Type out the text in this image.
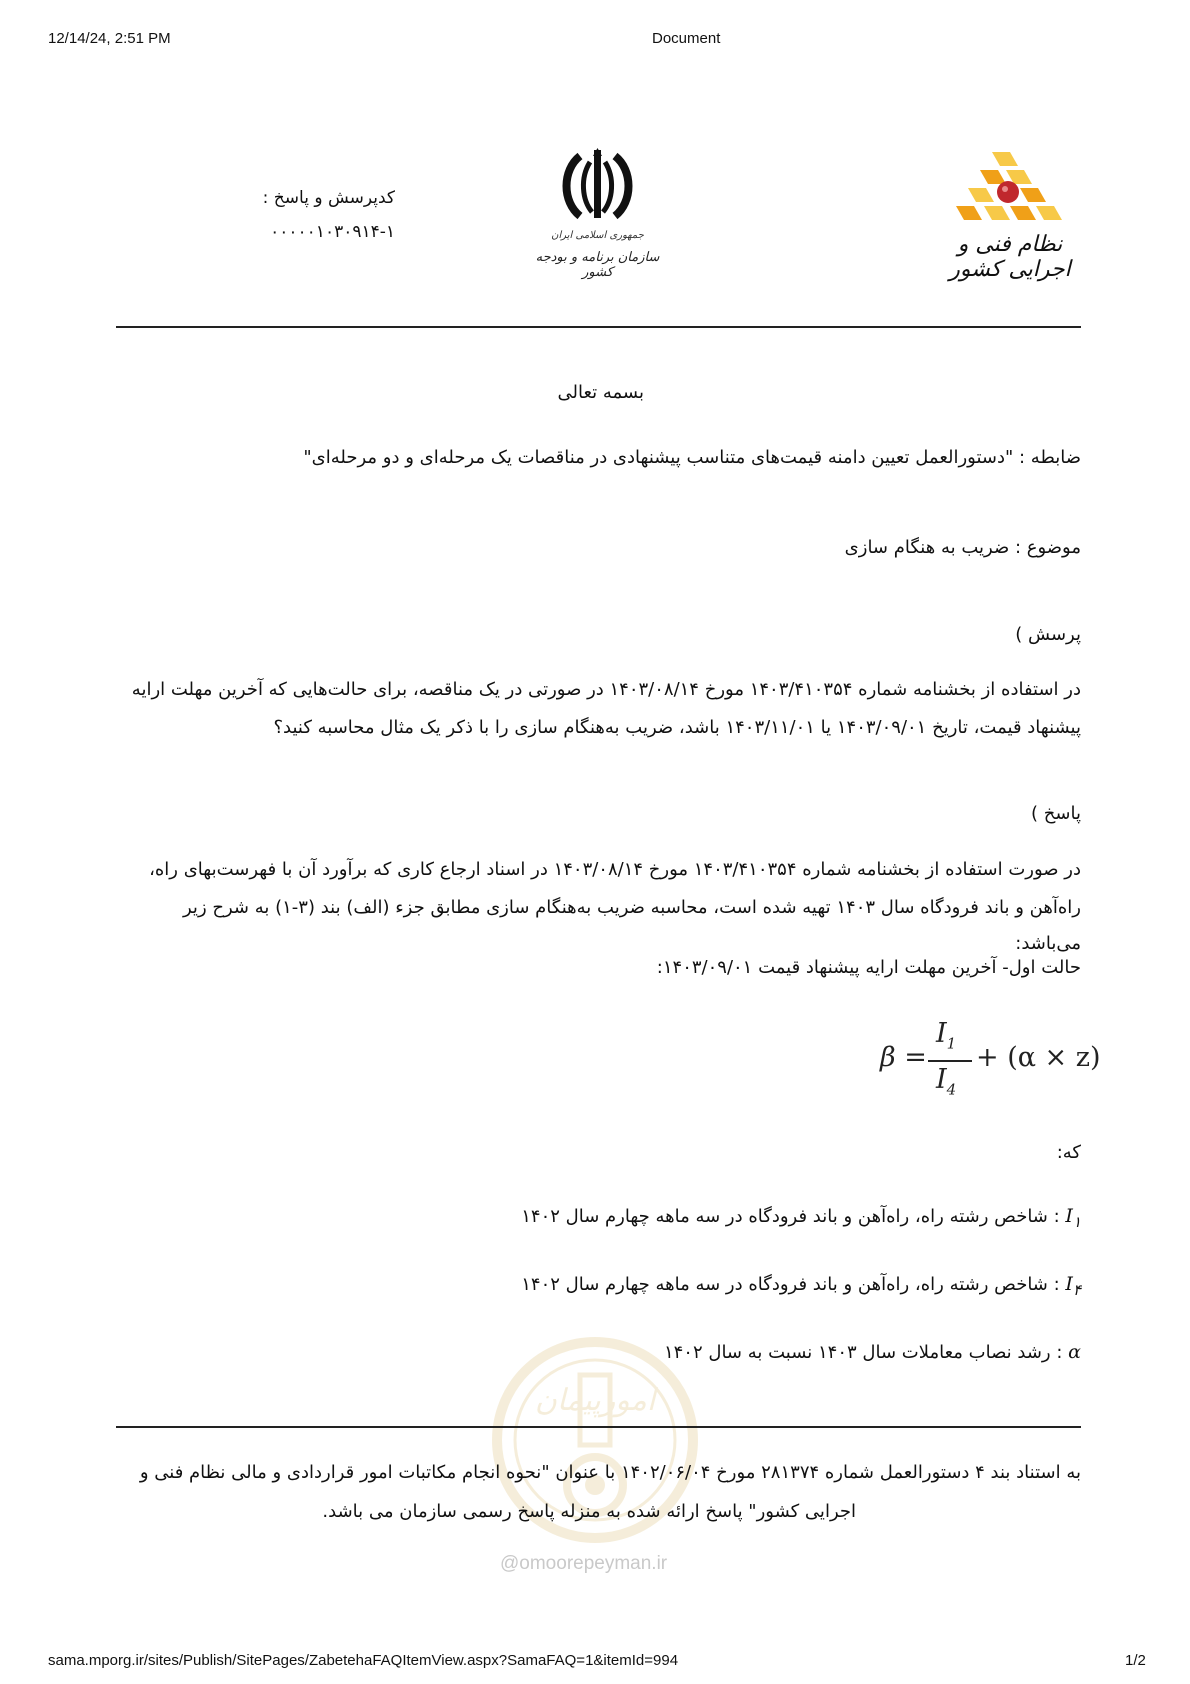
12/14/24, 2:51 PM	Document
نظام فنی و اجرایی کشور
جمهوری اسلامی ایران
سازمان برنامه و بودجه کشور
کدپرسش و پاسخ :
۰۰۰۰۰۱۰۳۰۹۱۴-۱
بسمه تعالی
ضابطه : "دستورالعمل تعیین دامنه قیمت‌های متناسب پیشنهادی در مناقصات یک مرحله‌ای و دو مرحله‌ای"
موضوع : ضریب به هنگام سازی
پرسش )
در استفاده از بخشنامه شماره ۱۴۰۳/۴۱۰۳۵۴ مورخ ۱۴۰۳/۰۸/۱۴ در صورتی در یک مناقصه، برای حالت‌هایی که آخرین مهلت ارایه
پیشنهاد قیمت، تاریخ ۱۴۰۳/۰۹/۰۱ یا ۱۴۰۳/۱۱/۰۱ باشد، ضریب به‌هنگام سازی را با ذکر یک مثال محاسبه کنید؟
پاسخ )
در صورت استفاده از بخشنامه شماره ۱۴۰۳/۴۱۰۳۵۴ مورخ ۱۴۰۳/۰۸/۱۴ در اسناد ارجاع کاری که برآورد آن با فهرست‌بهای راه،
راه‌آهن و باند فرودگاه سال ۱۴۰۳ تهیه شده است، محاسبه ضریب به‌هنگام سازی مطابق جزء (الف) بند (۳-۱) به شرح زیر می‌باشد:
حالت اول- آخرین مهلت ارایه پیشنهاد قیمت ۱۴۰۳/۰۹/۰۱:
β =
$I_1$
$I_4$
+ (α × z)
که:
$I_۱$ : شاخص رشته راه، راه‌آهن و باند فرودگاه در سه ماهه چهارم سال ۱۴۰۲
$I_۴$ : شاخص رشته راه، راه‌آهن و باند فرودگاه در سه ماهه چهارم سال ۱۴۰۲
α : رشد نصاب معاملات سال ۱۴۰۳ نسبت به سال ۱۴۰۲
امورپیمان
به استناد بند ۴ دستورالعمل شماره ۲۸۱۳۷۴ مورخ ۱۴۰۲/۰۶/۰۴ با عنوان "نحوه انجام مکاتبات امور قراردادی و مالی نظام فنی و
اجرایی کشور" پاسخ ارائه شده به منزله پاسخ رسمی سازمان می باشد.
@omoorepeyman.ir
sama.mporg.ir/sites/Publish/SitePages/ZabetehaFAQItemView.aspx?SamaFAQ=1&itemId=994	1/2
